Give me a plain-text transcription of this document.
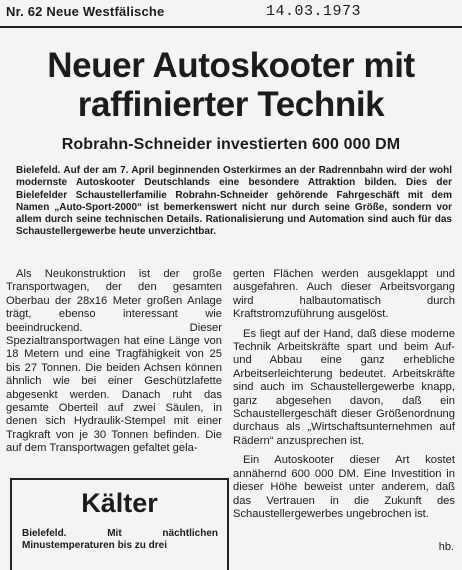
Nr. 62 Neue Westfälische	14.03.1973
Neuer Autoskooter mit raffinierter Technik
Robrahn-Schneider investierten 600 000 DM
Bielefeld. Auf der am 7. April beginnenden Osterkirmes an der Radrennbahn wird der wohl modernste Autoskooter Deutschlands eine besondere Attraktion bilden. Dies der Bielefelder Schaustellerfamilie Robrahn-Schneider gehörende Fahrgeschäft mit dem Namen „Auto-Sport-2000“ ist bemerkenswert nicht nur durch seine Größe, sondern vor allem durch seine technischen Details. Rationalisierung und Automation sind auch für das Schaustellergewerbe heute unverzichtbar.

Als Neukonstruktion ist der große Transportwagen, der den gesamten Oberbau der 28x16 Meter großen Anlage trägt, ebenso interessant wie beeindruckend. Dieser Spezialtransportwagen hat eine Länge von 18 Metern und eine Tragfähigkeit von 25 bis 27 Tonnen. Die beiden Achsen können ähnlich wie bei einer Geschützlafette abgesenkt werden. Danach ruht das gesamte Oberteil auf zwei Säulen, in denen sich Hydraulik-Stempel mit einer Tragkraft von je 30 Tonnen befinden. Die auf dem Transportwagen gefaltet gela-

gerten Flächen werden ausgeklappt und ausgefahren. Auch dieser Arbeitsvorgang wird halbautomatisch durch Kraftstromzuführung ausgelöst.

Es liegt auf der Hand, daß diese moderne Technik Arbeitskräfte spart und beim Auf- und Abbau eine ganz erhebliche Arbeitserleichterung bedeutet. Arbeitskräfte sind auch im Schaustellergewerbe knapp, ganz abgesehen davon, daß ein Schaustellergeschäft dieser Größenordnung durchaus als „Wirtschaftsunternehmen auf Rädern“ anzusprechen ist.

Ein Autoskooter dieser Art kostet annähernd 600 000 DM. Eine Investition in dieser Höhe beweist unter anderem, daß das Vertrauen in die Zukunft des Schaustellergewerbes ungebrochen ist.

hb.
Kälter
Bielefeld. Mit nächtlichen Minustemperaturen bis zu drei
